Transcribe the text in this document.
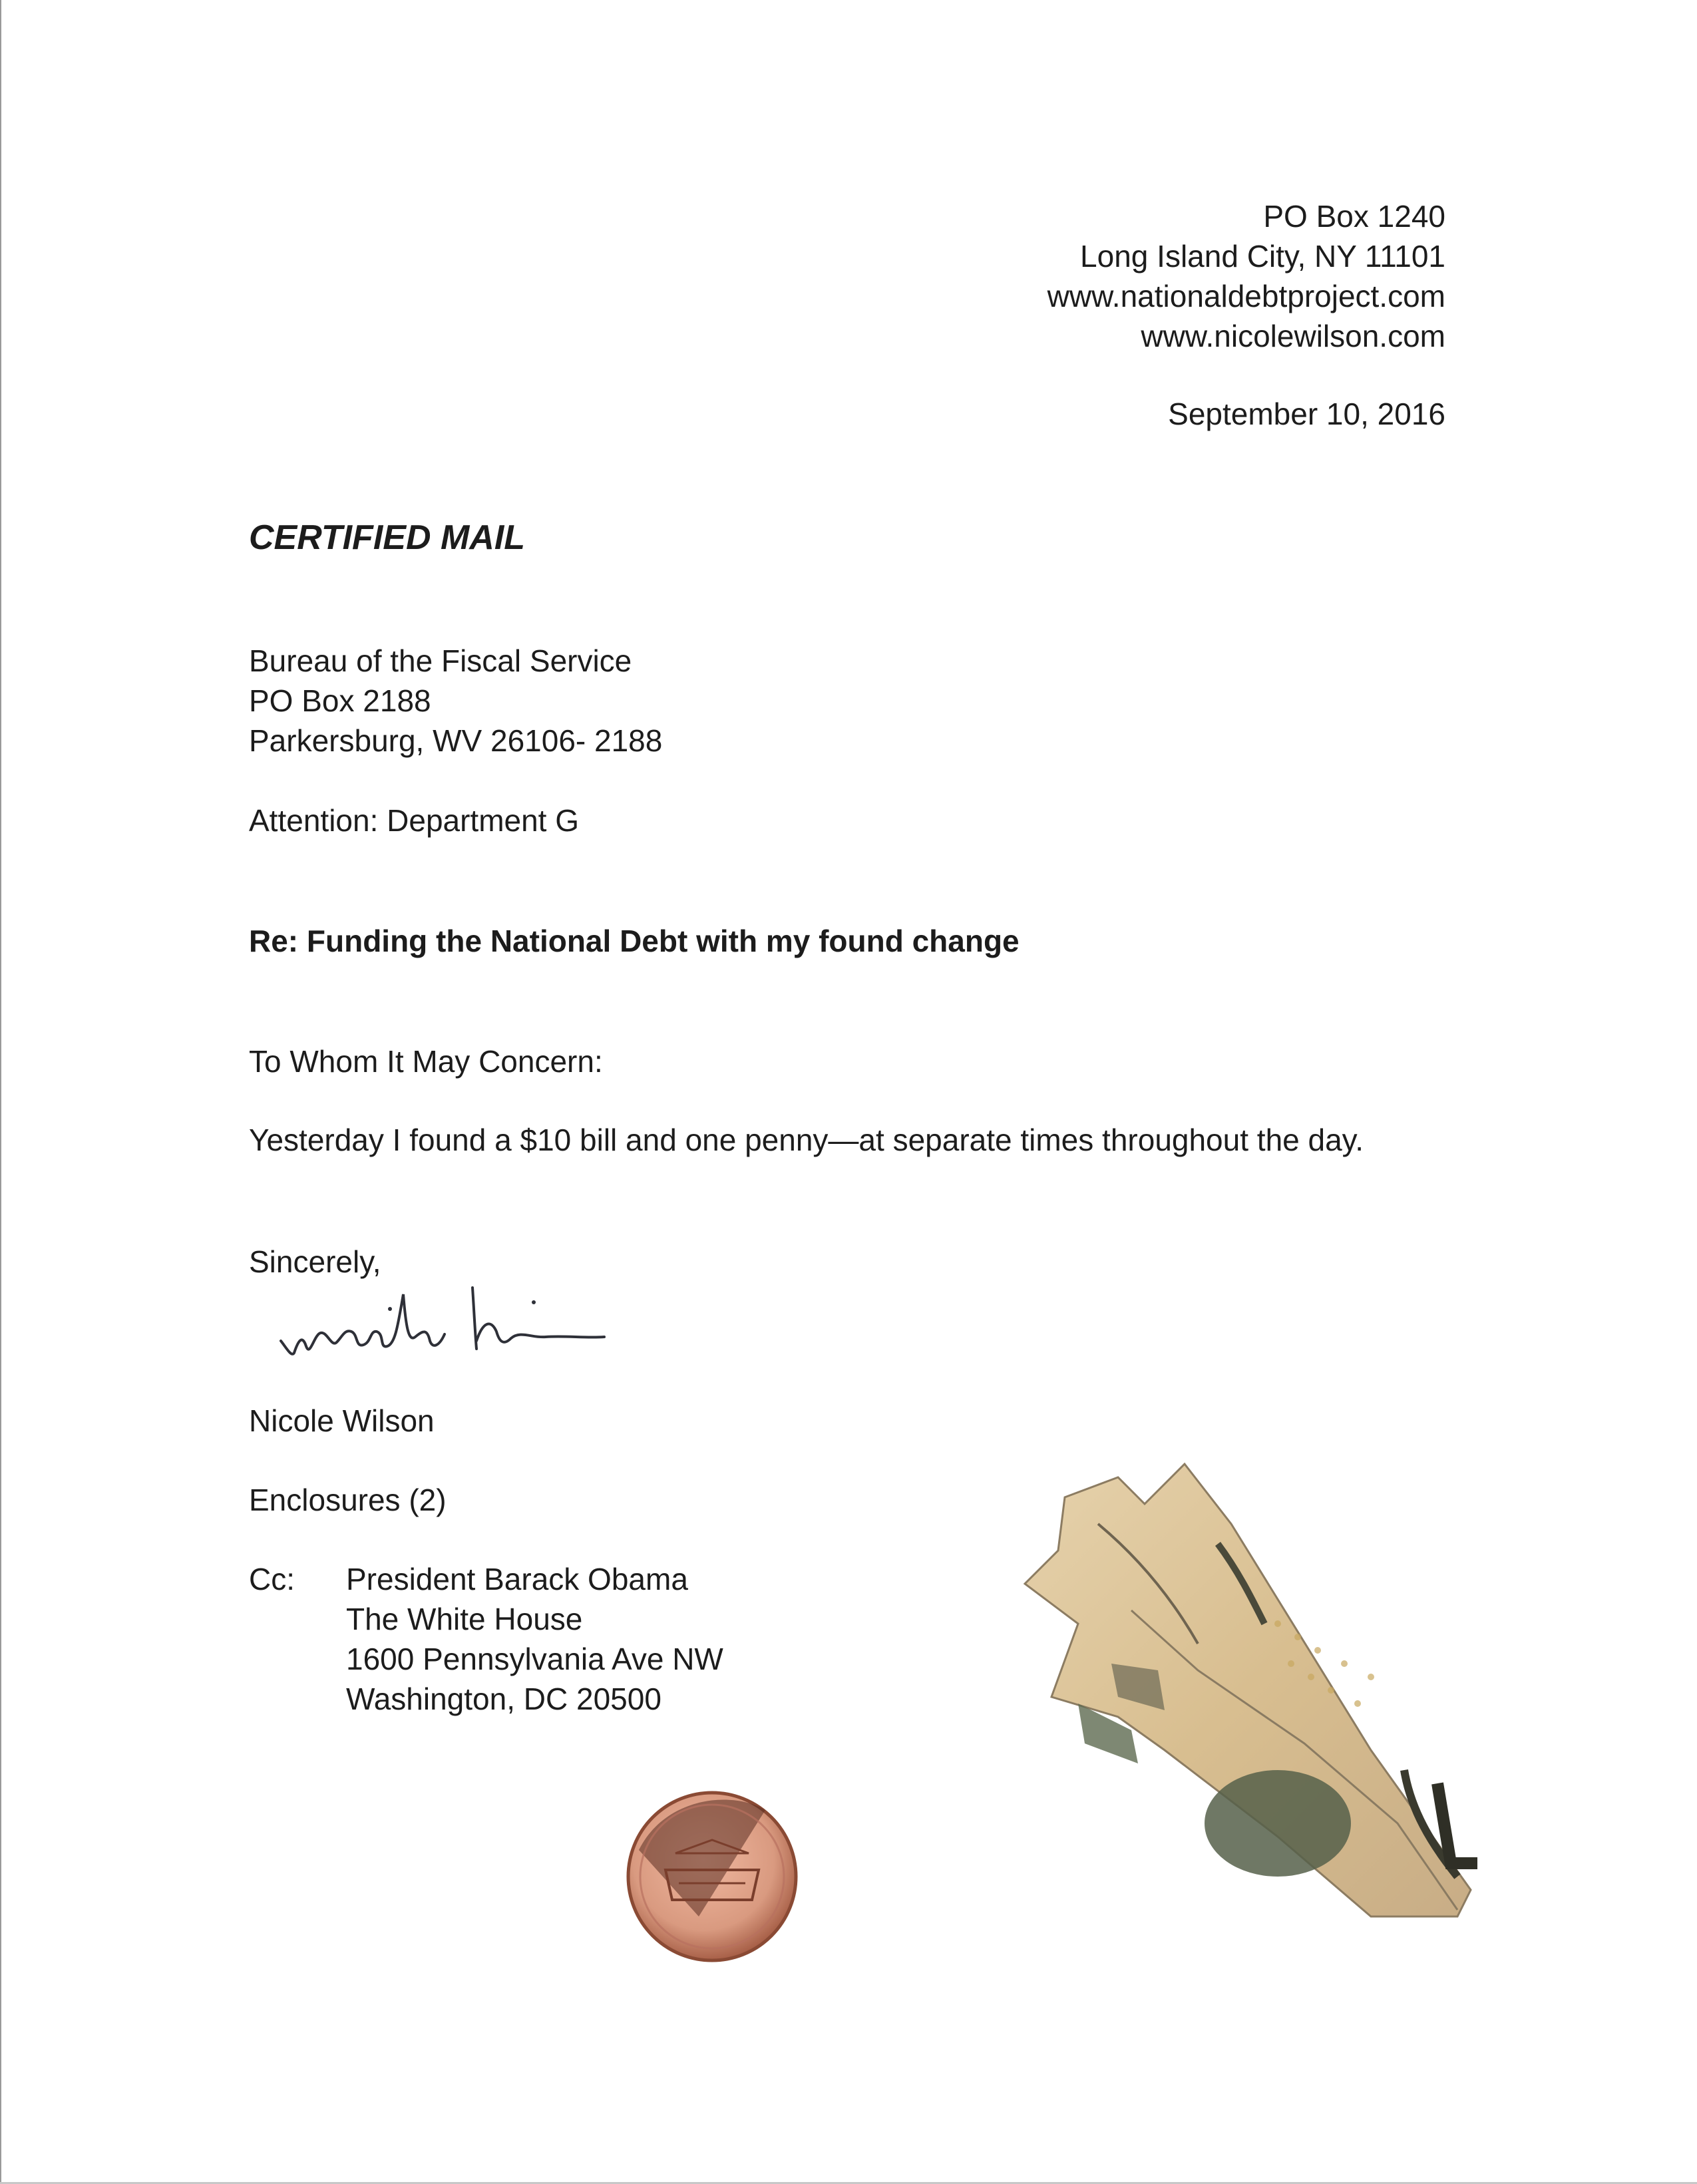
PO Box 1240
Long Island City, NY 11101
www.nationaldebtproject.com
www.nicolewilson.com
September 10, 2016
CERTIFIED MAIL
Bureau of the Fiscal Service
PO Box 2188
Parkersburg, WV 26106- 2188
Attention: Department G
Re: Funding the National Debt with my found change
To Whom It May Concern:
Yesterday I found a $10 bill and one penny—at separate times throughout the day.
Sincerely,
Nicole Wilson
Enclosures (2)
Cc: President Barack Obama
The White House
1600 Pennsylvania Ave NW
Washington, DC 20500
